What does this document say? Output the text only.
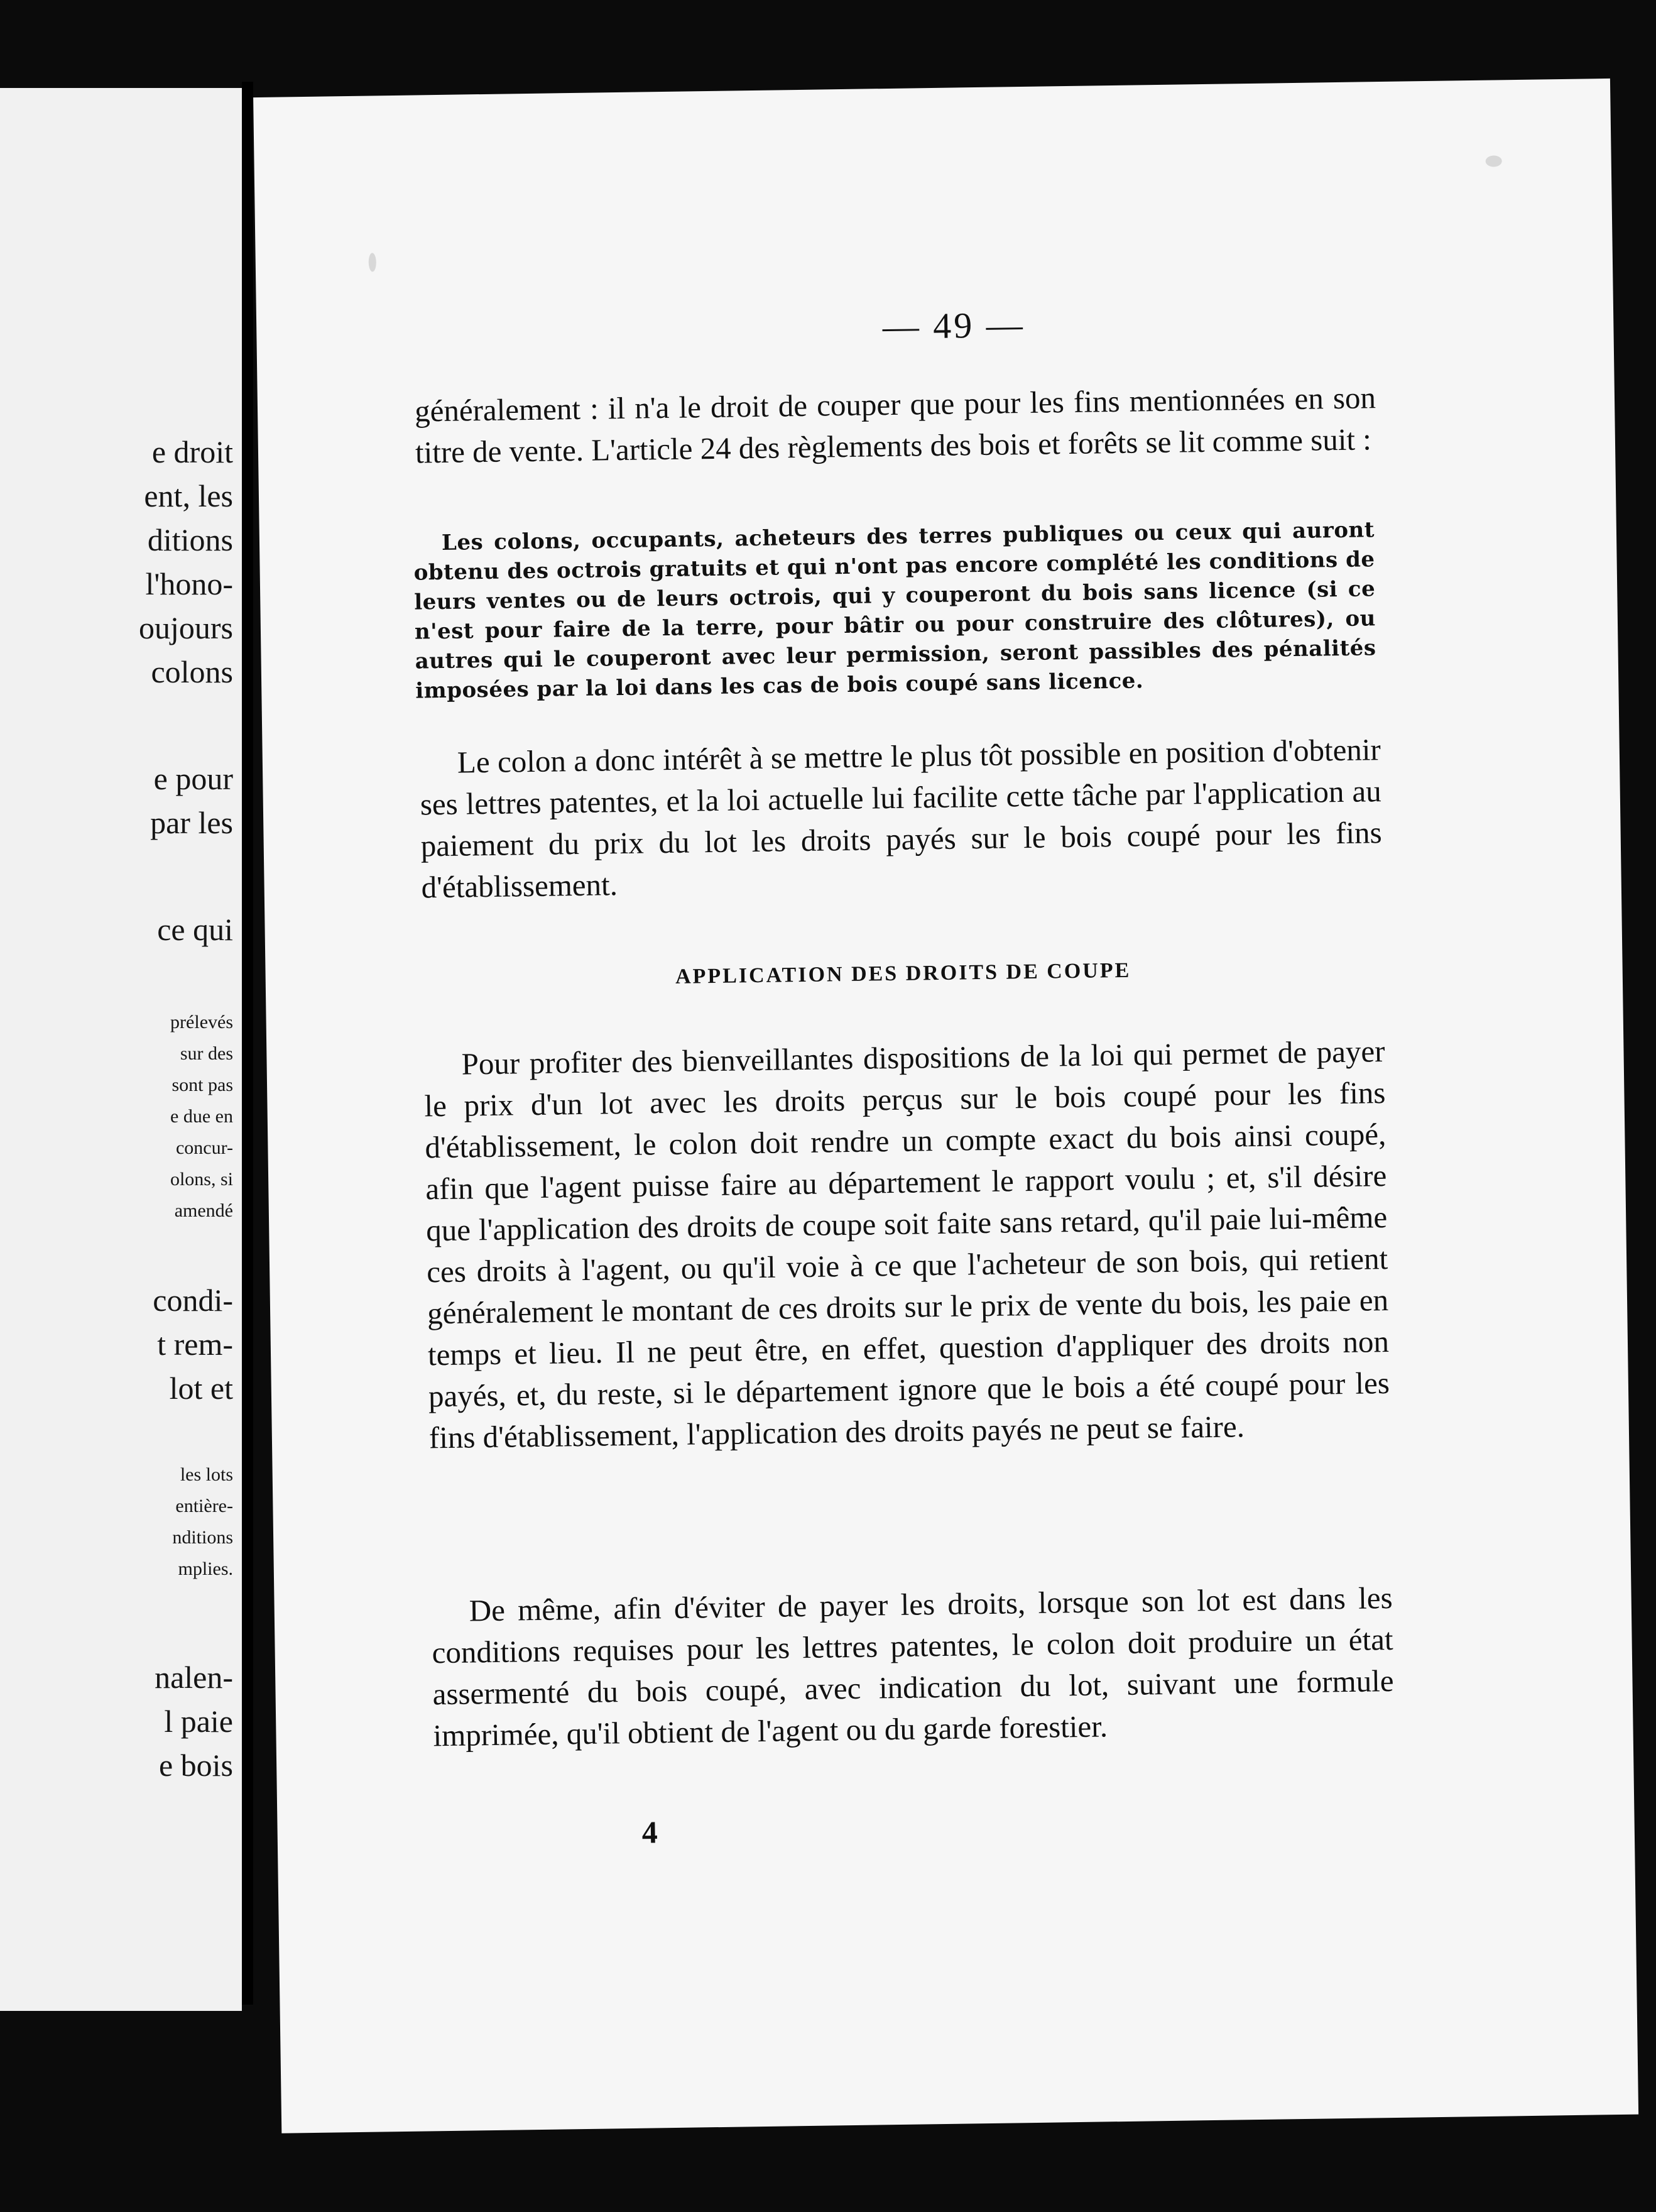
e droit
ent, les
ditions
l'hono-
oujours
colons
e pour
par les
ce qui
prélevés
sur des
sont pas
e due en
concur-
olons, si
amendé
condi-
t rem-
lot et
les lots
entière-
nditions
mplies.
nalen-
l paie
e bois
— 49 —

généralement : il n'a le droit de couper que pour les fins mentionnées en son titre de vente. L'article 24 des règlements des bois et forêts se lit comme suit :

Les colons, occupants, acheteurs des terres publiques ou ceux qui auront obtenu des octrois gratuits et qui n'ont pas encore complété les conditions de leurs ventes ou de leurs octrois, qui y couperont du bois sans licence (si ce n'est pour faire de la terre, pour bâtir ou pour construire des clôtures), ou autres qui le couperont avec leur permission, seront passibles des pénalités imposées par la loi dans les cas de bois coupé sans licence.

Le colon a donc intérêt à se mettre le plus tôt possible en position d'obtenir ses lettres patentes, et la loi actuelle lui facilite cette tâche par l'application au paiement du prix du lot les droits payés sur le bois coupé pour les fins d'établissement.

APPLICATION DES DROITS DE COUPE

Pour profiter des bienveillantes dispositions de la loi qui permet de payer le prix d'un lot avec les droits perçus sur le bois coupé pour les fins d'établissement, le colon doit rendre un compte exact du bois ainsi coupé, afin que l'agent puisse faire au département le rapport voulu ; et, s'il désire que l'application des droits de coupe soit faite sans retard, qu'il paie lui-même ces droits à l'agent, ou qu'il voie à ce que l'acheteur de son bois, qui retient généralement le montant de ces droits sur le prix de vente du bois, les paie en temps et lieu. Il ne peut être, en effet, question d'appliquer des droits non payés, et, du reste, si le département ignore que le bois a été coupé pour les fins d'établissement, l'application des droits payés ne peut se faire.

De même, afin d'éviter de payer les droits, lorsque son lot est dans les conditions requises pour les lettres patentes, le colon doit produire un état assermenté du bois coupé, avec indication du lot, suivant une formule imprimée, qu'il obtient de l'agent ou du garde forestier.

4
